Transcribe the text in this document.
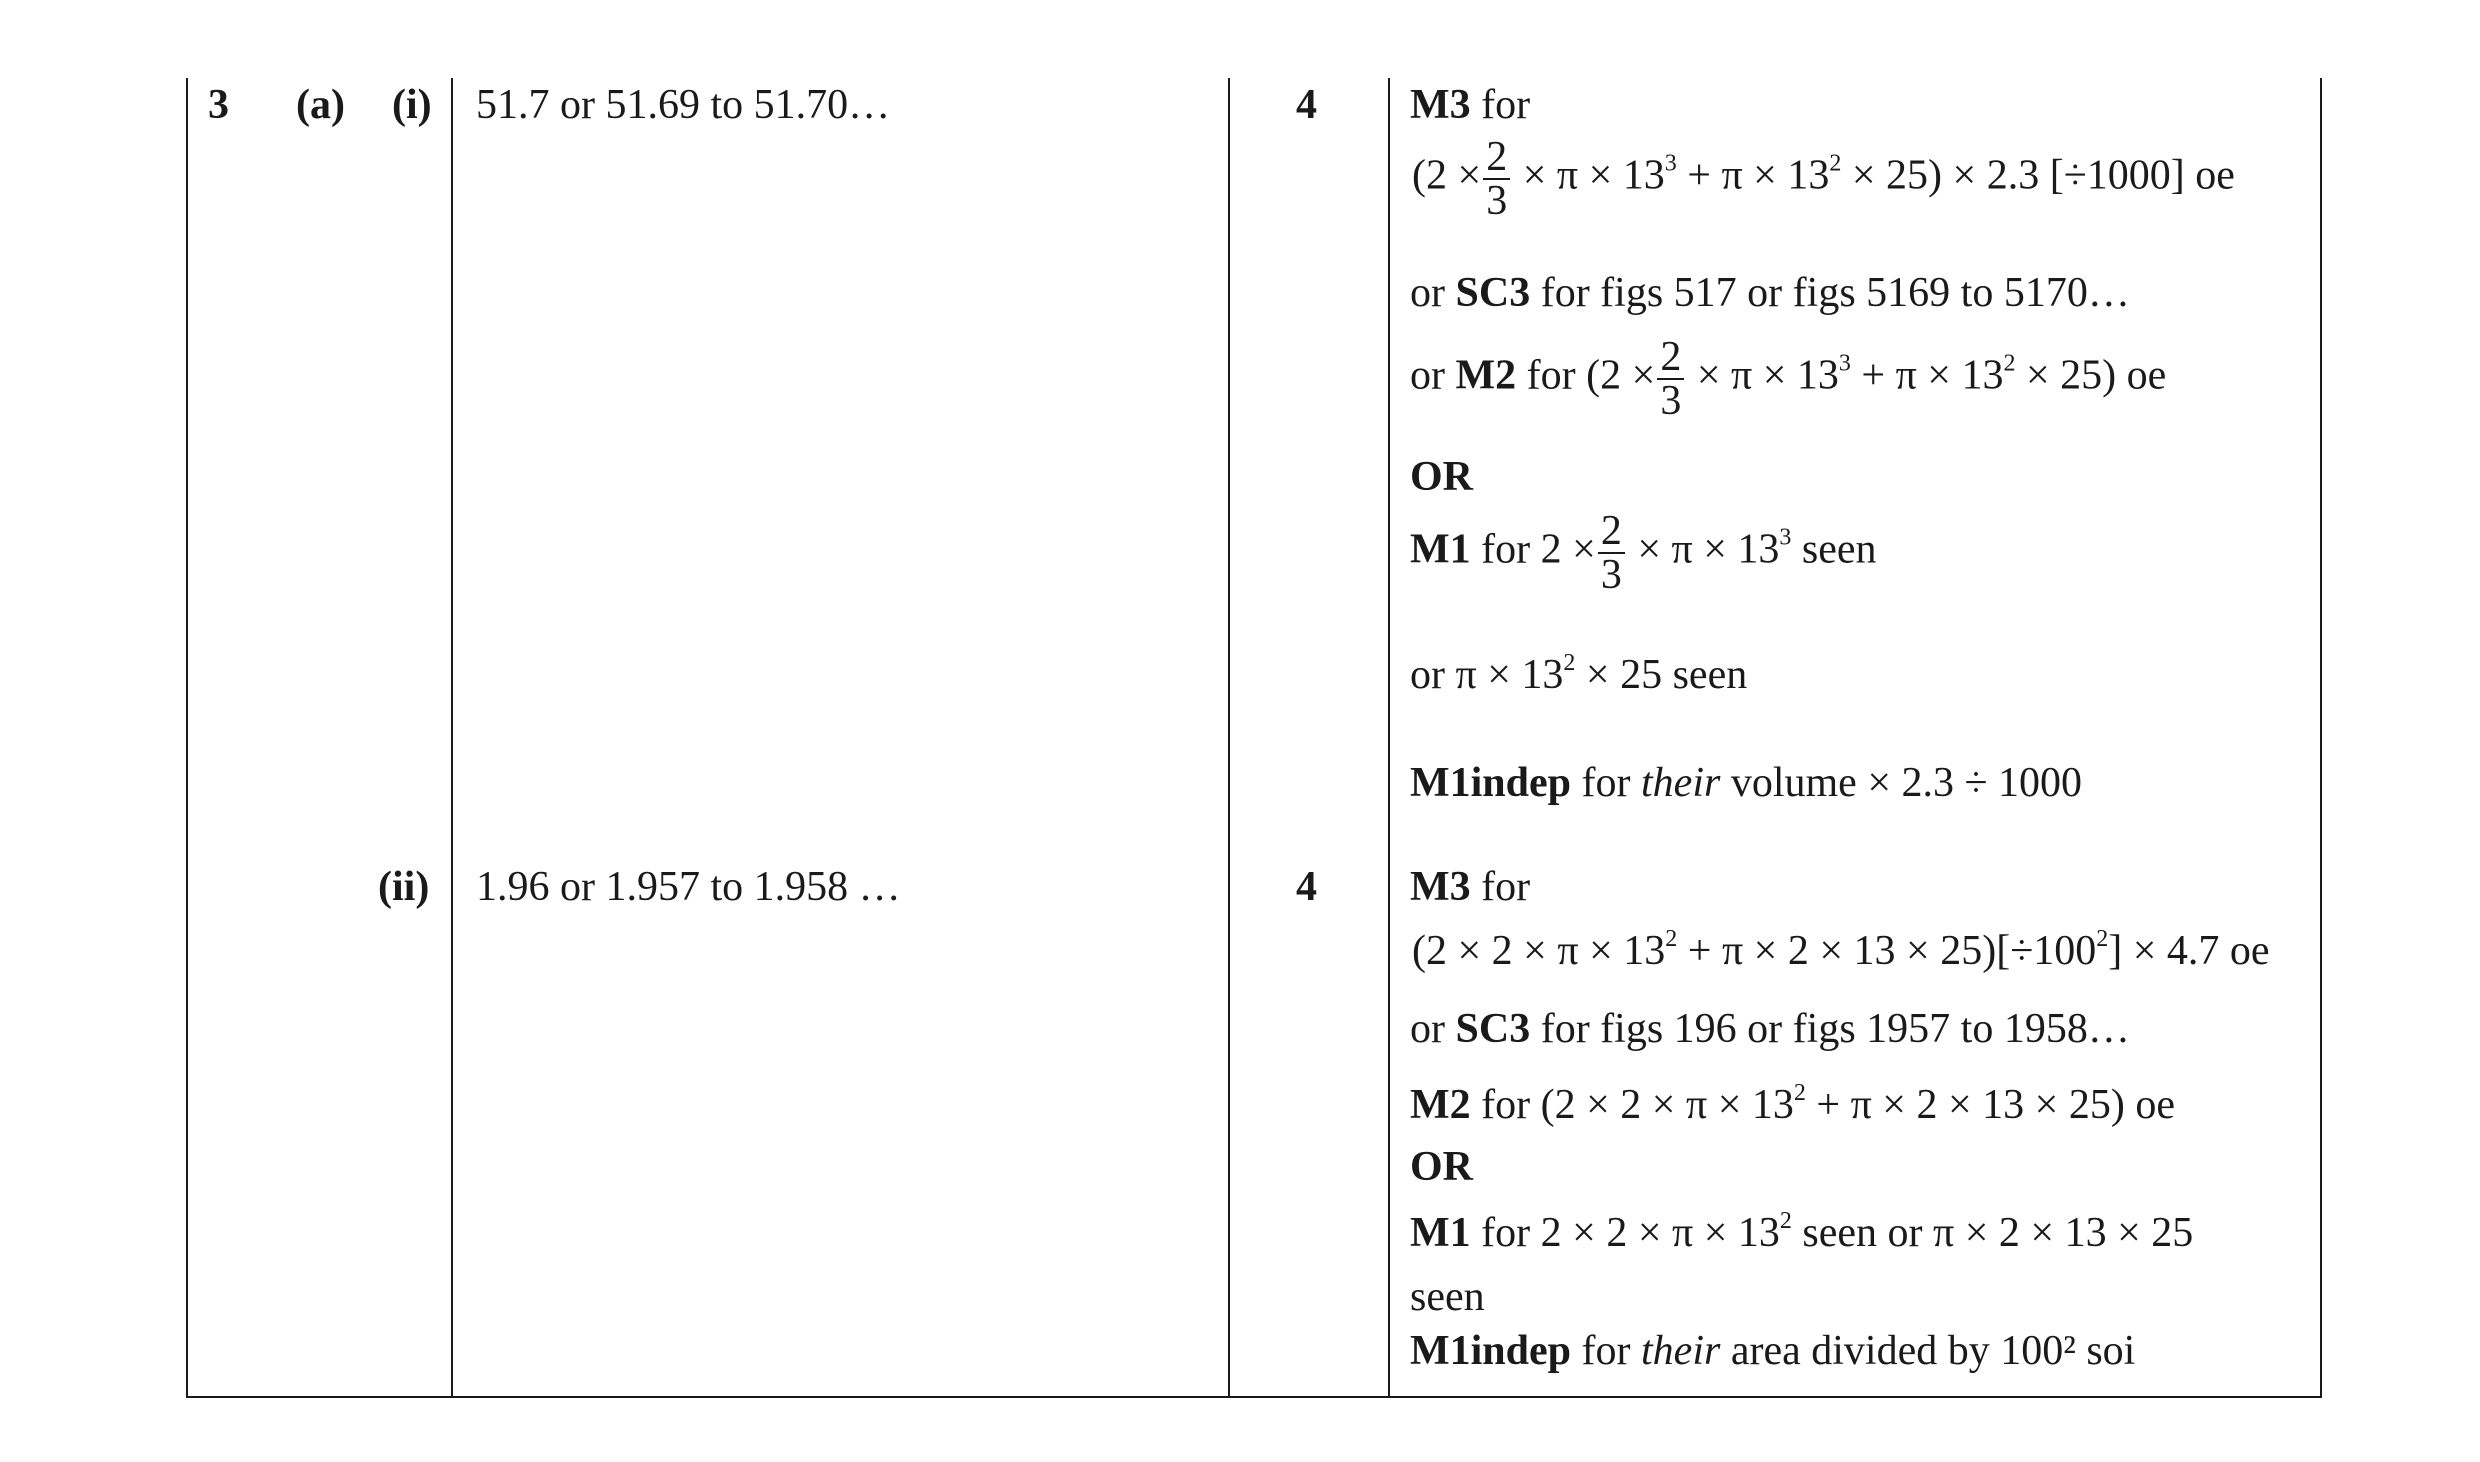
3 (a) (i)
(ii)
51.7 or 51.69 to 51.70…	4 M3 for
$(2 \times \frac{2}{3} \times \pi \times 13^3 + \pi \times 13^2 \times 25) \times 2.3$ [÷1000] oe
or SC3 for figs 517 or figs 5169 to 5170…
or M2 for $(2 \times \frac{2}{3} \times \pi \times 13^3 + \pi \times 13^2 \times 25)$ oe
OR
M1 for $2 \times \frac{2}{3} \times \pi \times 13^3$ seen
or $\pi \times 13^2 \times 25$ seen
M1indep for their volume × 2.3 ÷ 1000
1.96 or 1.957 to 1.958 …	4 M3 for
$(2 \times 2 \times \pi \times 13^2 + \pi \times 2 \times 13 \times 25)[\div 100^2] \times 4.7$ oe
or SC3 for figs 196 or figs 1957 to 1958…
M2 for $(2 \times 2 \times \pi \times 13^2 + \pi \times 2 \times 13 \times 25)$ oe
OR
M1 for $2 \times 2 \times \pi \times 13^2$ seen or π × 2 × 13 × 25
seen
M1indep for their area divided by 100² soi
